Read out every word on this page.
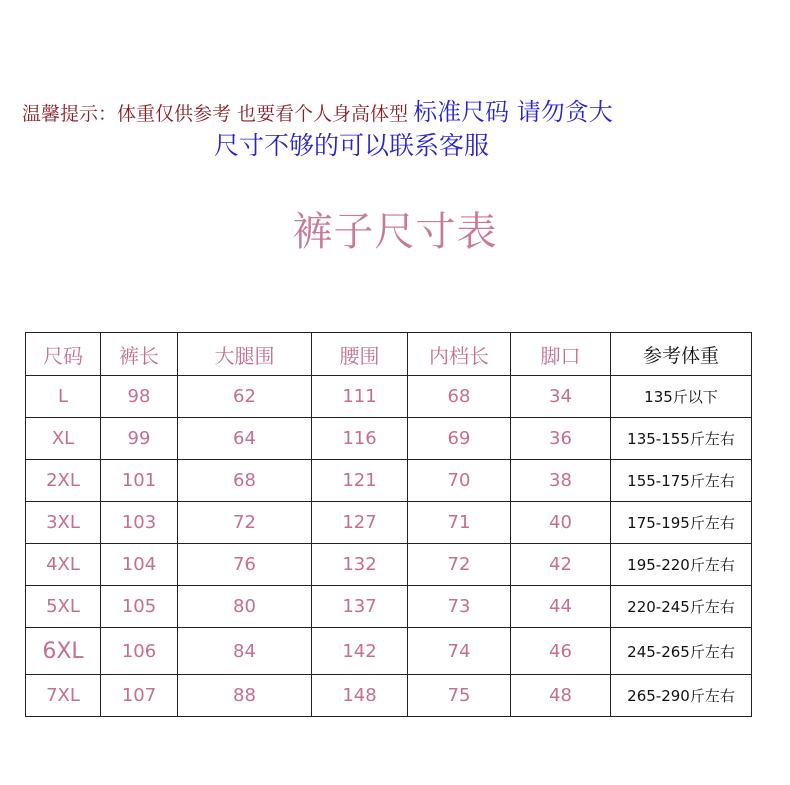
温馨提示：体重仅供参考 也要看个人身高体型 标准尺码 请勿贪大
尺寸不够的可以联系客服
裤子尺寸表
尺码	裤长	大腿围	腰围	内档长	脚口	参考体重
L	98	62	111	68	34	135斤以下
XL	99	64	116	69	36	135-155斤左右
2XL	101	68	121	70	38	155-175斤左右
3XL	103	72	127	71	40	175-195斤左右
4XL	104	76	132	72	42	195-220斤左右
5XL	105	80	137	73	44	220-245斤左右
6XL	106	84	142	74	46	245-265斤左右
7XL	107	88	148	75	48	265-290斤左右
